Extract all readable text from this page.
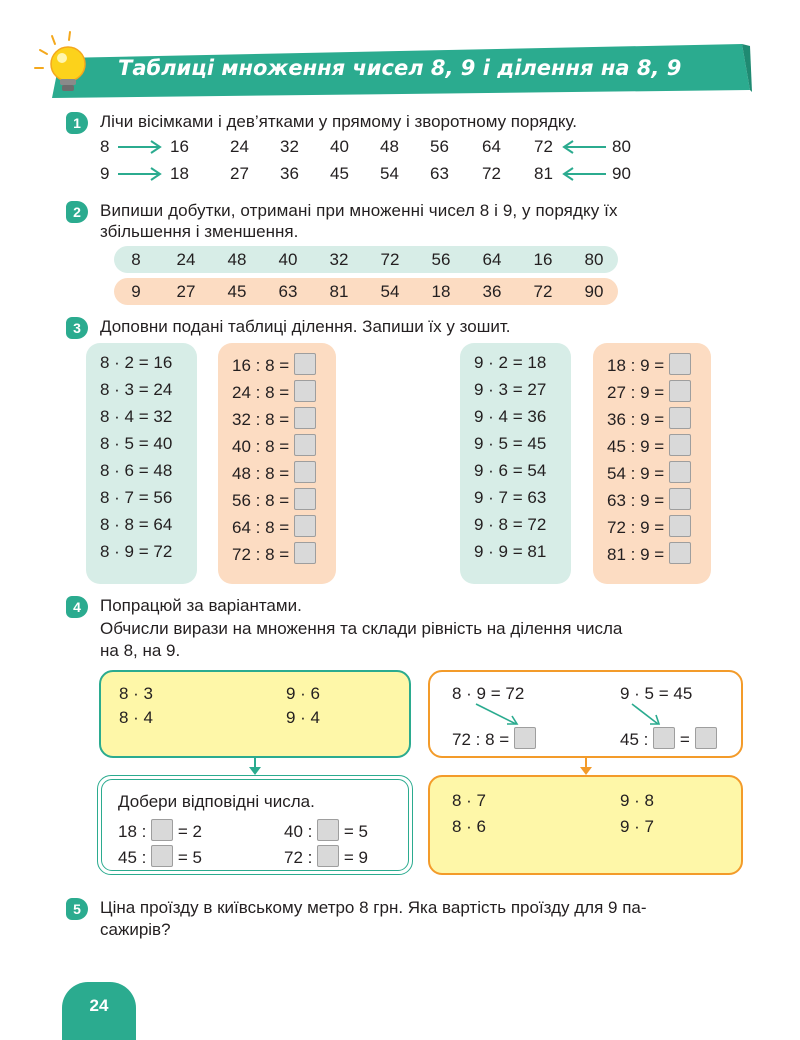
Таблиці множення чисел 8, 9 і ділення на 8, 9
1	Лічи вісімками і дев’ятками у прямому і зворотному порядку.
8	16 24 32 40 48 56 64 72	80
9	18 27 36 45 54 63 72 81	90
2	Випиши добутки, отримані при множенні чисел 8 і 9, у порядку їх
збільшення і зменшення.
8	24	48	40	32	72	56	64	16	80
9	27	45	63	81	54	18	36	72	90
3	Доповни подані таблиці ділення. Запиши їх у зошит.
8 · 2 = 16
8 · 3 = 24
8 · 4 = 32
8 · 5 = 40
8 · 6 = 48
8 · 7 = 56
8 · 8 = 64
8 · 9 = 72
16 : 8 =
24 : 8 =
32 : 8 =
40 : 8 =
48 : 8 =
56 : 8 =
64 : 8 =
72 : 8 =
9 · 2 = 18
9 · 3 = 27
9 · 4 = 36
9 · 5 = 45
9 · 6 = 54
9 · 7 = 63
9 · 8 = 72
9 · 9 = 81
18 : 9 =
27 : 9 =
36 : 9 =
45 : 9 =
54 : 9 =
63 : 9 =
72 : 9 =
81 : 9 =
4	Попрацюй за варіантами.
Обчисли вирази на множення та склади рівність на ділення числа
на 8, на 9.
8 · 3	9 · 6
8 · 4	9 · 4
8 · 9 = 72	9 · 5 = 45
72 : 8 =	45 : =
Добери відповідні числа.
18 : = 2	40 : = 5
45 : = 5	72 : = 9
8 · 7	9 · 8
8 · 6	9 · 7
5	Ціна проїзду в київському метро 8 грн. Яка вартість проїзду для 9 па-
сажирів?
24
